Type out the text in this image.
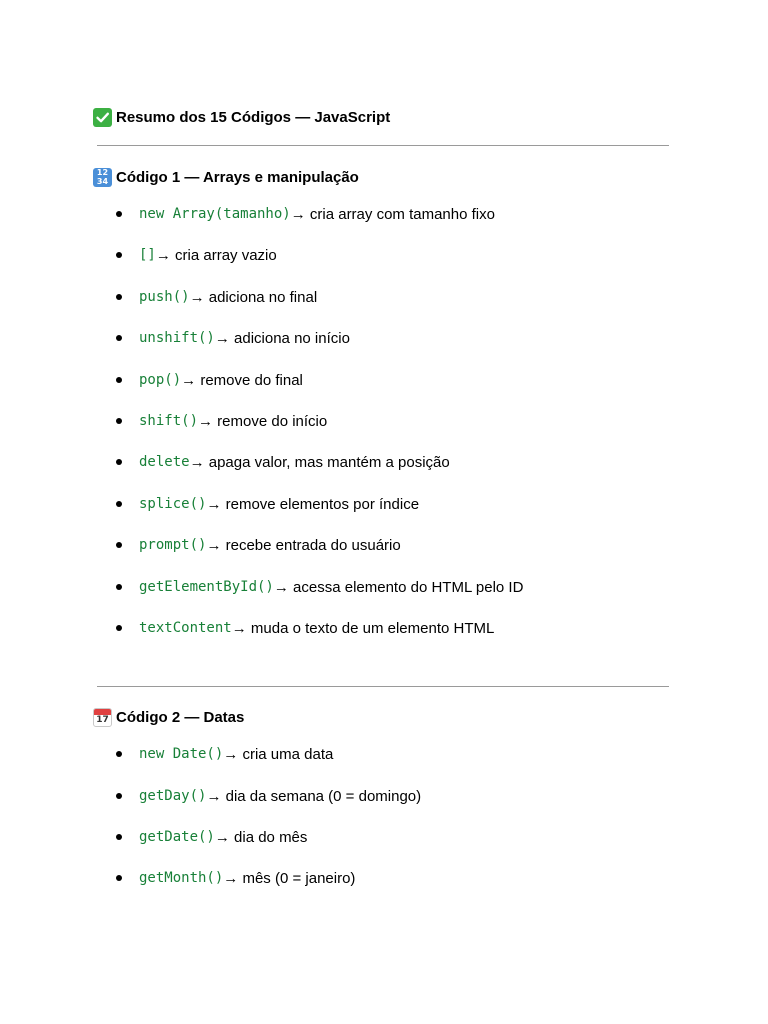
Resumo dos 15 Códigos — JavaScript
12
34 Código 1 — Arrays e manipulação
new Array(tamanho) → cria array com tamanho fixo
[] → cria array vazio
push() → adiciona no final
unshift() → adiciona no início
pop() → remove do final
shift() → remove do início
delete → apaga valor, mas mantém a posição
splice() → remove elementos por índice
prompt() → recebe entrada do usuário
getElementById() → acessa elemento do HTML pelo ID
textContent → muda o texto de um elemento HTML
17 Código 2 — Datas
new Date() → cria uma data
getDay() → dia da semana (0 = domingo)
getDate() → dia do mês
getMonth() → mês (0 = janeiro)
